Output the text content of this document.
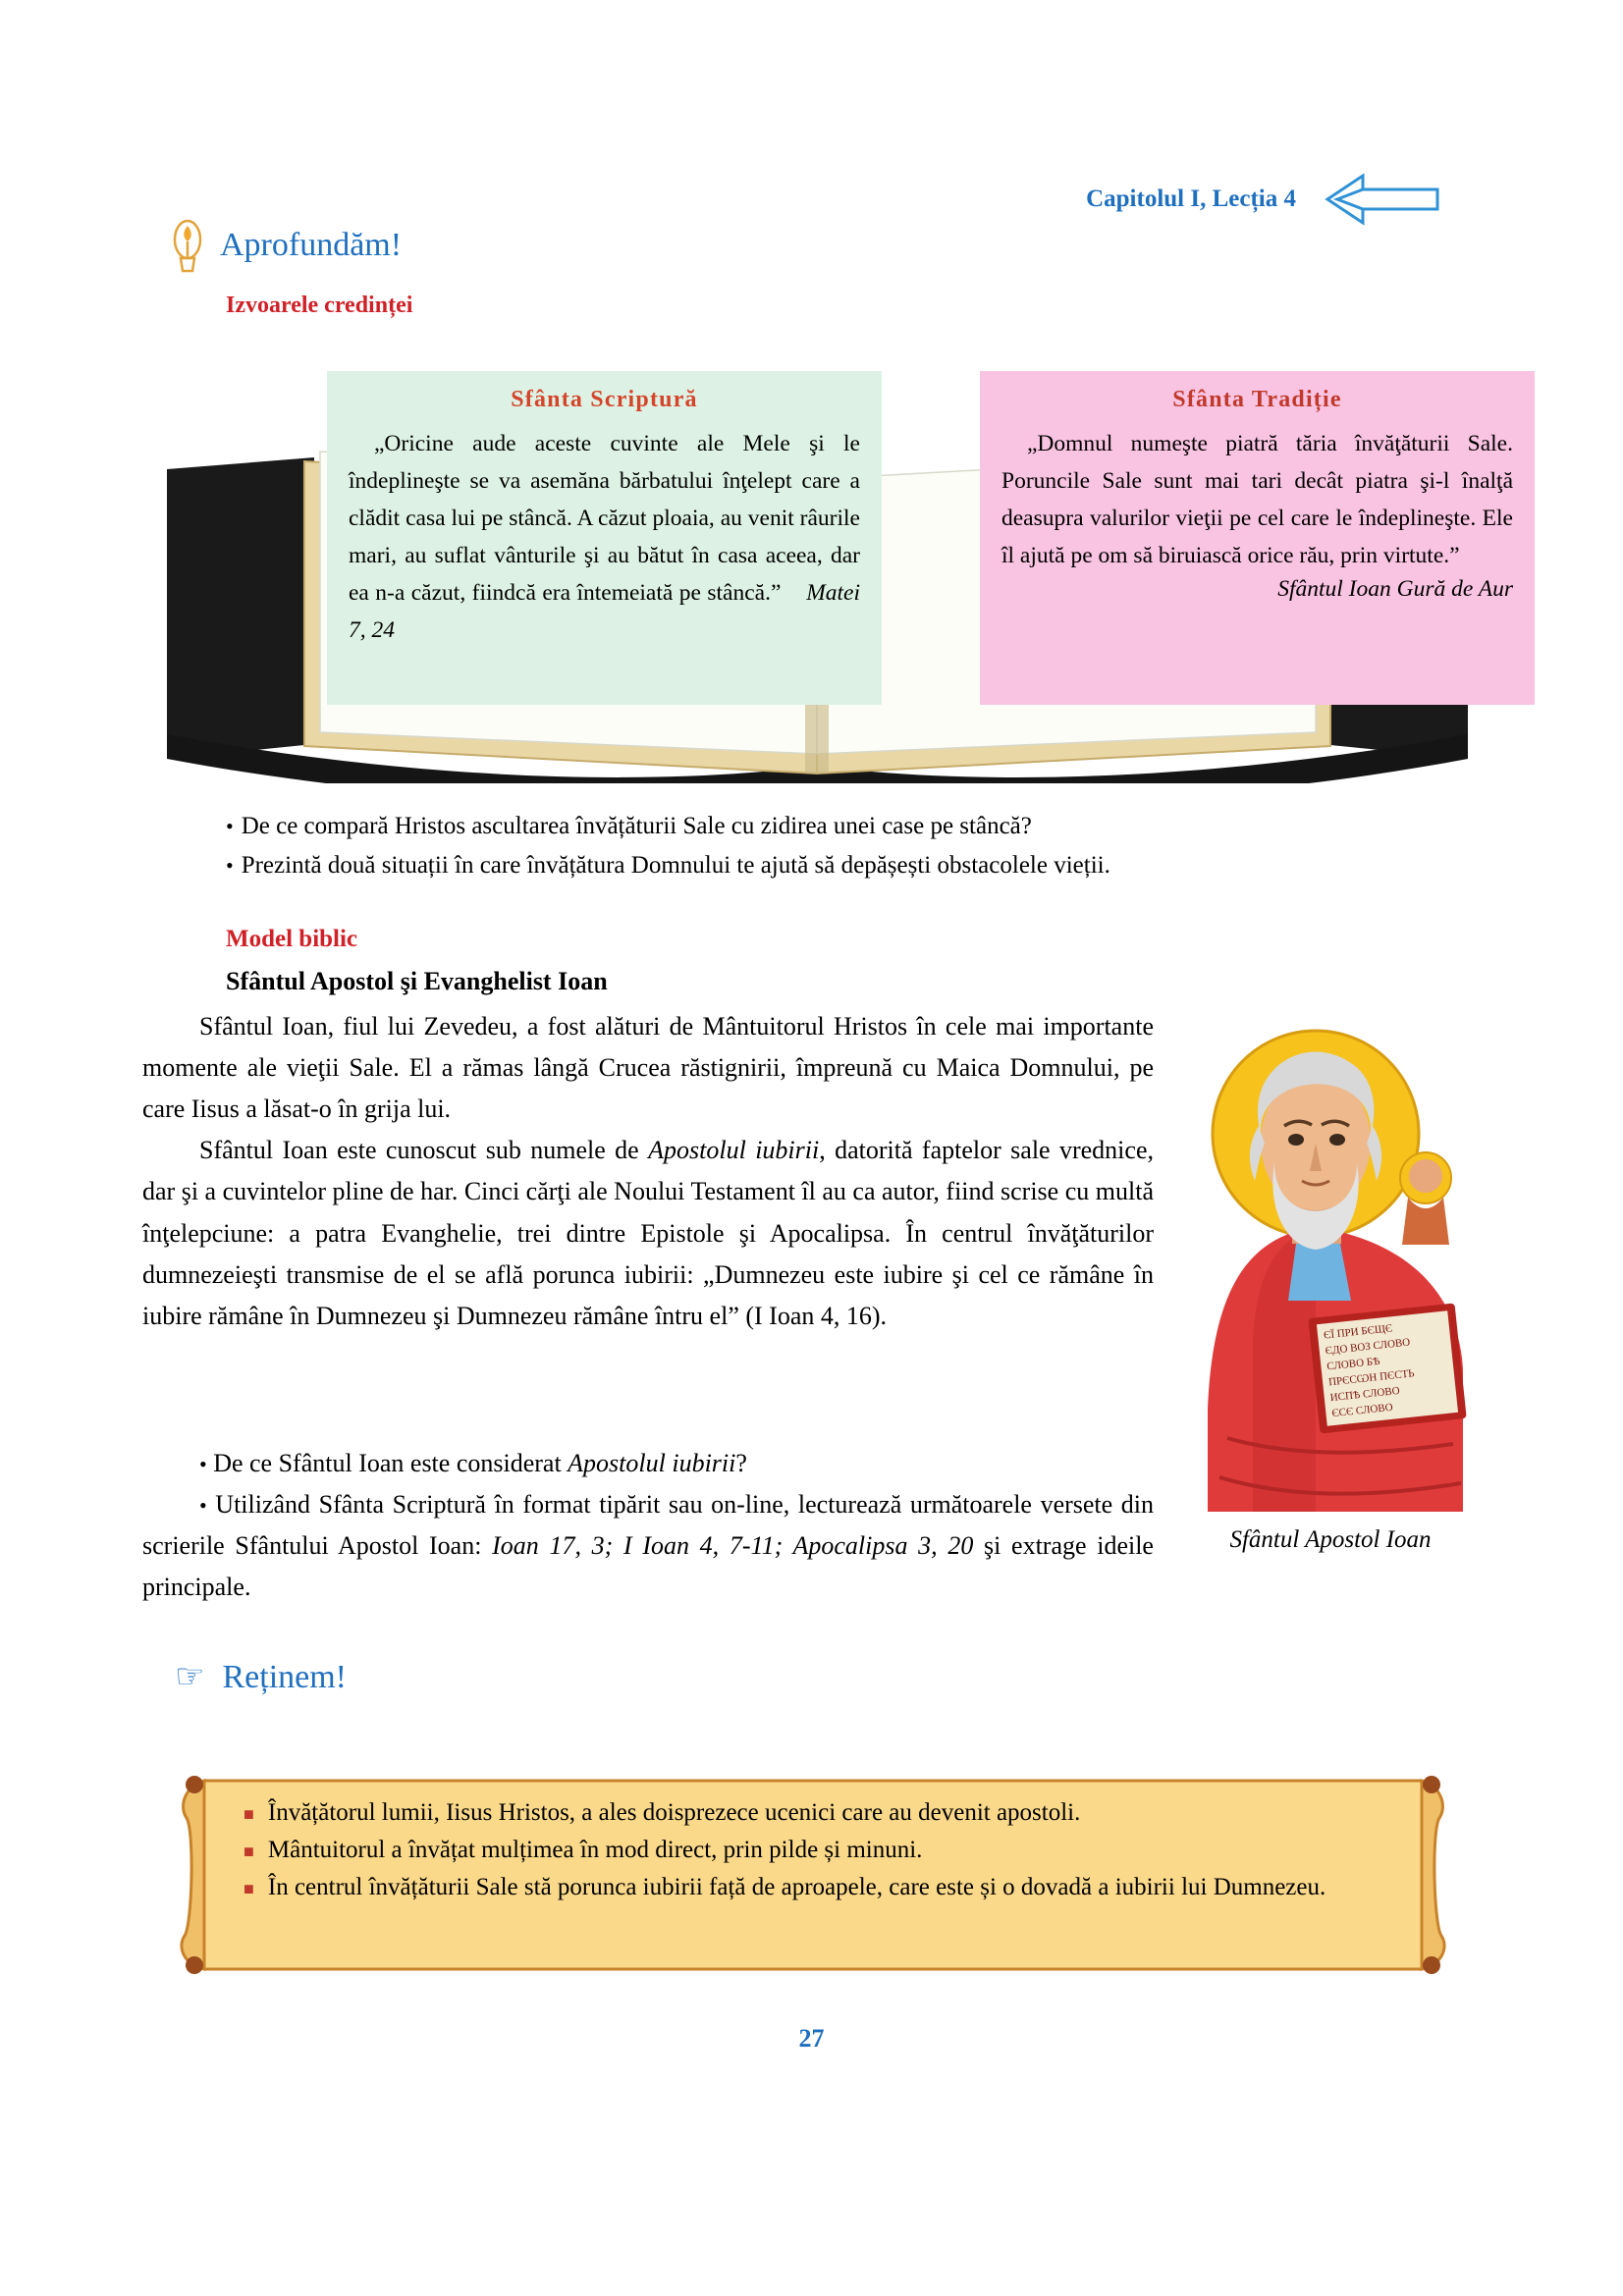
Capitolul I, Lecția 4
Aprofundăm!
Izvoarele credinței
Sfânta Scriptură

„Oricine aude aceste cuvinte ale Mele şi le îndeplineşte se va asemăna bărbatului înţelept care a clădit casa lui pe stâncă. A căzut ploaia, au venit râurile mari, au suflat vânturile şi au bătut în casa aceea, dar ea n-a căzut, fiindcă era întemeiată pe stâncă.” Matei 7, 24

Sfânta Tradiție

„Domnul numeşte piatră tăria învăţăturii Sale. Poruncile Sale sunt mai tari decât piatra şi-l înalţă deasupra valurilor vieţii pe cel care le îndeplineşte. Ele îl ajută pe om să biruiască orice rău, prin virtute.”

Sfântul Ioan Gură de Aur
• De ce compară Hristos ascultarea învățăturii Sale cu zidirea unei case pe stâncă?
• Prezintă două situații în care învățătura Domnului te ajută să depășești obstacolele vieții.
Model biblic
Sfântul Apostol şi Evanghelist Ioan

Sfântul Ioan, fiul lui Zevedeu, a fost alături de Mântuitorul Hristos în cele mai importante momente ale vieţii Sale. El a rămas lângă Crucea răstignirii, împreună cu Maica Domnului, pe care Iisus a lăsat-o în grija lui.

Sfântul Ioan este cunoscut sub numele de Apostolul iubirii, datorită faptelor sale vrednice, dar şi a cuvintelor pline de har. Cinci cărţi ale Noului Testament îl au ca autor, fiind scrise cu multă înţelepciune: a patra Evanghelie, trei dintre Epistole şi Apocalipsa. În centrul învăţăturilor dumnezeieşti transmise de el se află porunca iubirii: „Dumnezeu este iubire şi cel ce rămâne în iubire rămâne în Dumnezeu şi Dumnezeu rămâne întru el” (I Ioan 4, 16).

ЄЇ ПРИ БЄЩЄ
ЄДО ВОЗ СЛОВО
СЛОВО БѢ
ПРЄСѠН ПЄСТЬ
ИСПѢ СЛОВО
ЄСЄ СЛОВО
Sfântul Apostol Ioan

• De ce Sfântul Ioan este considerat Apostolul iubirii?

• Utilizând Sfânta Scriptură în format tipărit sau on-line, lecturează următoarele versete din scrierile Sfântului Apostol Ioan: Ioan 17, 3; I Ioan 4, 7-11; Apocalipsa 3, 20 şi extrage ideile principale.

☞ Reținem!
■ Învățătorul lumii, Iisus Hristos, a ales doisprezece ucenici care au devenit apostoli.
■ Mântuitorul a învățat mulțimea în mod direct, prin pilde și minuni.
■ În centrul învățăturii Sale stă porunca iubirii față de aproapele, care este și o dovadă a iubirii lui Dumnezeu.
27
